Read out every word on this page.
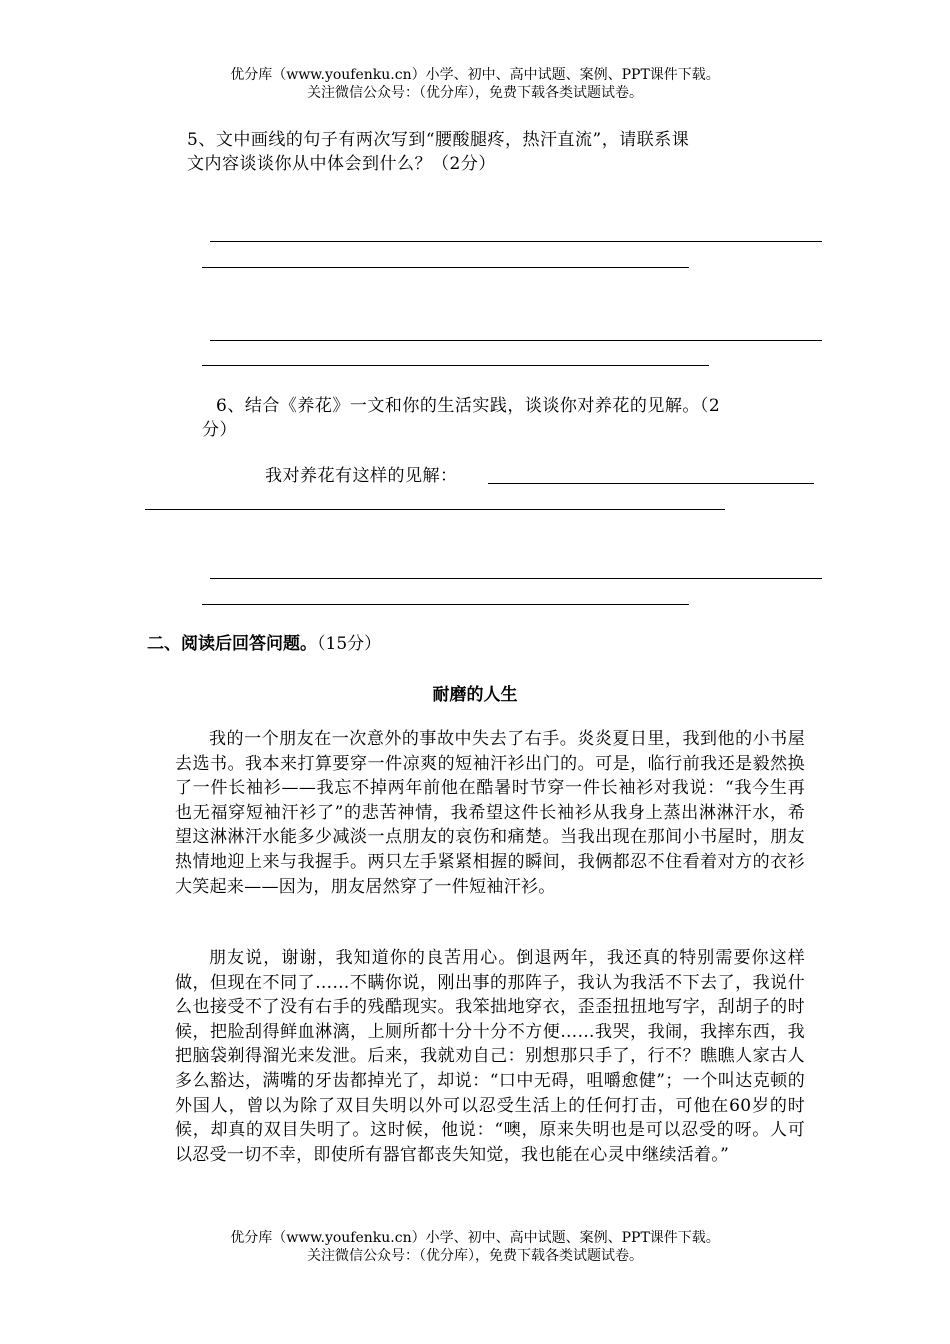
优分库（www.youfenku.cn）小学、初中、高中试题、案例、PPT课件下载。
关注微信公众号：（优分库），免费下载各类试题试卷。
5、文中画线的句子有两次写到“腰酸腿疼，热汗直流”，请联系课
文内容谈谈你从中体会到什么？（2分）
6、结合《养花》一文和你的生活实践，谈谈你对养花的见解。（2
分）
我对养花有这样的见解：
二、阅读后回答问题。（15分）
耐磨的人生
我的一个朋友在一次意外的事故中失去了右手。炎炎夏日里，我到他的小书屋去选书。我本来打算要穿一件凉爽的短袖汗衫出门的。可是，临行前我还是毅然换了一件长袖衫——我忘不掉两年前他在酷暑时节穿一件长袖衫对我说：“我今生再也无福穿短袖汗衫了”的悲苦神情，我希望这件长袖衫从我身上蒸出淋淋汗水，希望这淋淋汗水能多少减淡一点朋友的哀伤和痛楚。当我出现在那间小书屋时，朋友热情地迎上来与我握手。两只左手紧紧相握的瞬间，我俩都忍不住看着对方的衣衫大笑起来——因为，朋友居然穿了一件短袖汗衫。
朋友说，谢谢，我知道你的良苦用心。倒退两年，我还真的特别需要你这样做，但现在不同了……不瞒你说，刚出事的那阵子，我认为我活不下去了，我说什么也接受不了没有右手的残酷现实。我笨拙地穿衣，歪歪扭扭地写字，刮胡子的时候，把脸刮得鲜血淋漓，上厕所都十分十分不方便……我哭，我闹，我摔东西，我把脑袋剃得溜光来发泄。后来，我就劝自己：别想那只手了，行不？瞧瞧人家古人多么豁达，满嘴的牙齿都掉光了，却说：“口中无碍，咀嚼愈健”；一个叫达克顿的外国人，曾以为除了双目失明以外可以忍受生活上的任何打击，可他在60岁的时候，却真的双目失明了。这时候，他说：“噢，原来失明也是可以忍受的呀。人可以忍受一切不幸，即使所有器官都丧失知觉，我也能在心灵中继续活着。”
优分库（www.youfenku.cn）小学、初中、高中试题、案例、PPT课件下载。
关注微信公众号：（优分库），免费下载各类试题试卷。
